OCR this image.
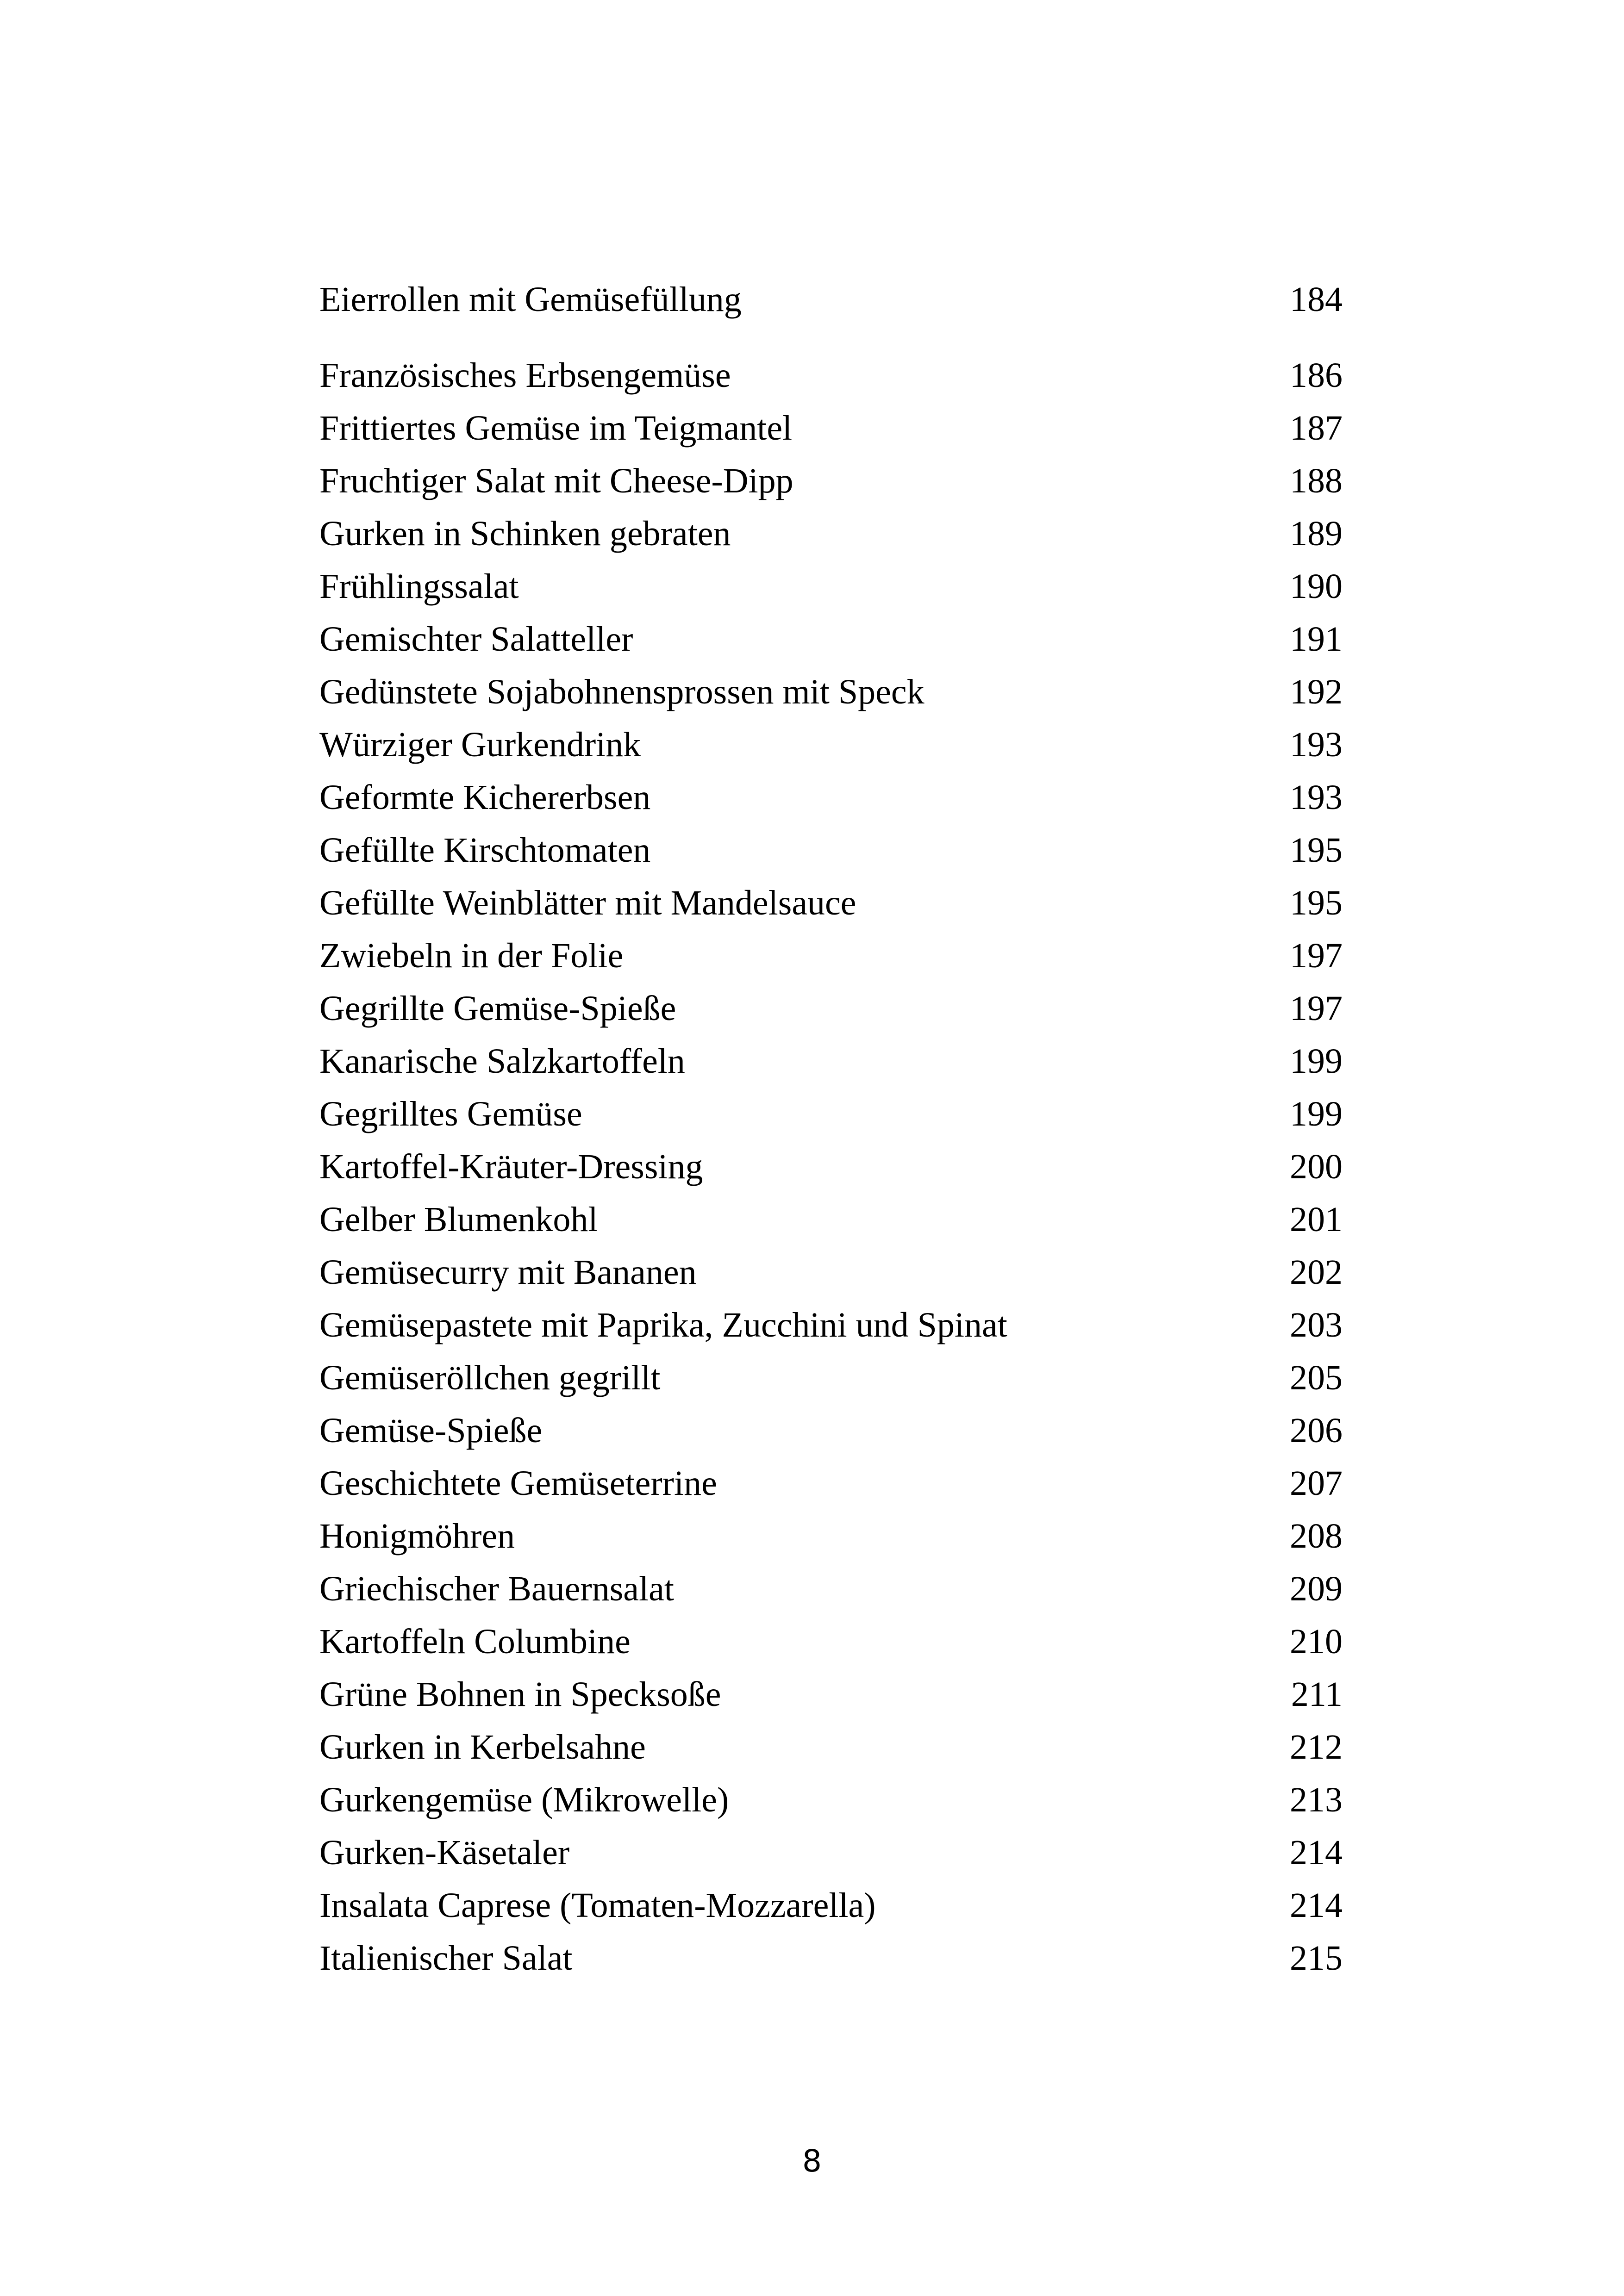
Eierrollen mit Gemüsefüllung	184
Französisches Erbsengemüse	186
Frittiertes Gemüse im Teigmantel	187
Fruchtiger Salat mit Cheese-Dipp	188
Gurken in Schinken gebraten	189
Frühlingssalat	190
Gemischter Salatteller	191
Gedünstete Sojabohnensprossen mit Speck	192
Würziger Gurkendrink	193
Geformte Kichererbsen	193
Gefüllte Kirschtomaten	195
Gefüllte Weinblätter mit Mandelsauce	195
Zwiebeln in der Folie	197
Gegrillte Gemüse-Spieße	197
Kanarische Salzkartoffeln	199
Gegrilltes Gemüse	199
Kartoffel-Kräuter-Dressing	200
Gelber Blumenkohl	201
Gemüsecurry mit Bananen	202
Gemüsepastete mit Paprika, Zucchini und Spinat	203
Gemüseröllchen gegrillt	205
Gemüse-Spieße	206
Geschichtete Gemüseterrine	207
Honigmöhren	208
Griechischer Bauernsalat	209
Kartoffeln Columbine	210
Grüne Bohnen in Specksoße	211
Gurken in Kerbelsahne	212
Gurkengemüse (Mikrowelle)	213
Gurken-Käsetaler	214
Insalata Caprese (Tomaten-Mozzarella)	214
Italienischer Salat	215
8
